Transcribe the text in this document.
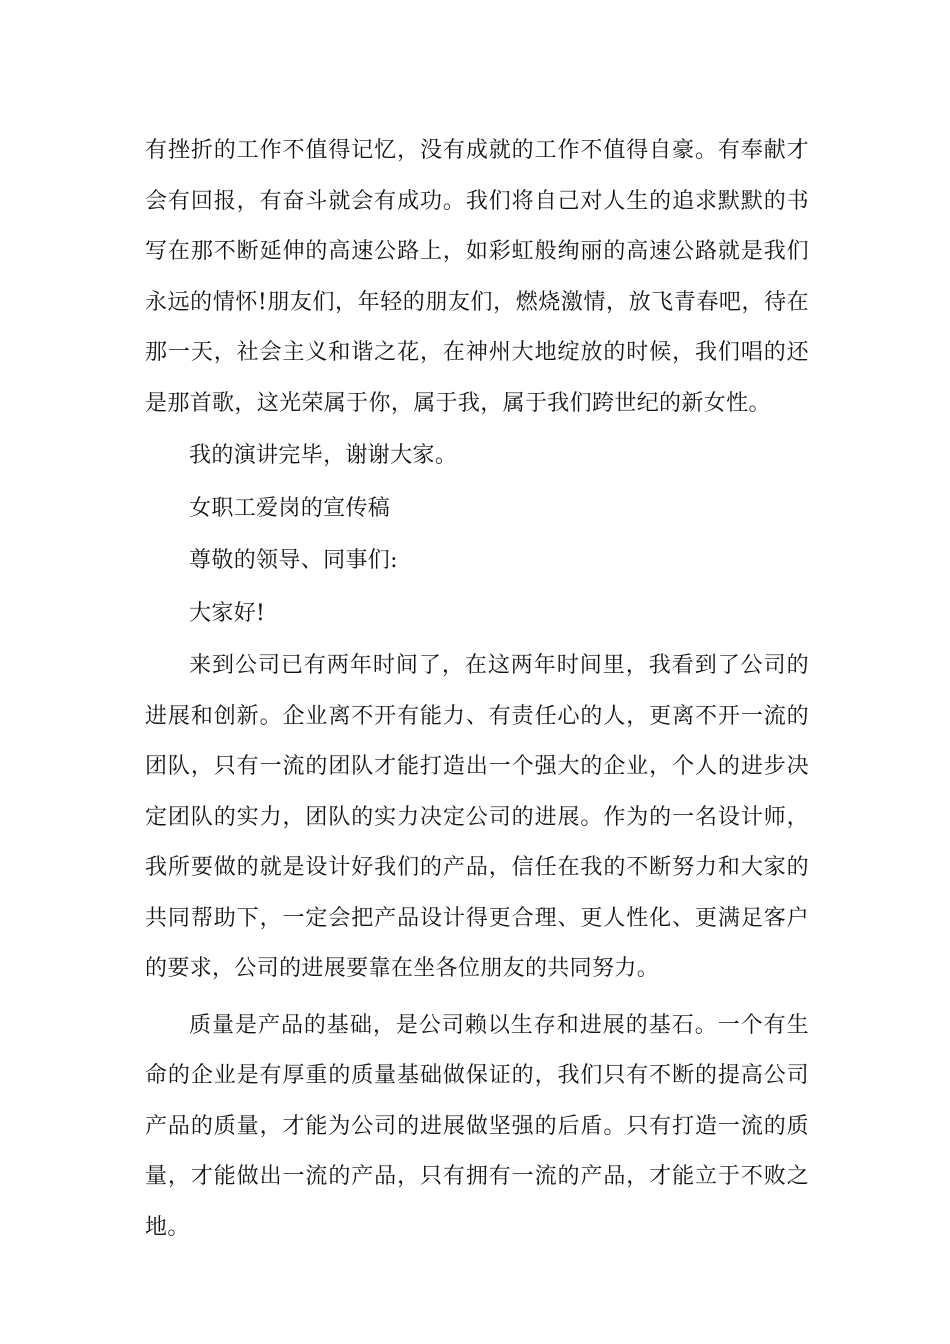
有挫折的工作不值得记忆，没有成就的工作不值得自豪。有奉献才会有回报，有奋斗就会有成功。我们将自己对人生的追求默默的书写在那不断延伸的高速公路上，如彩虹般绚丽的高速公路就是我们永远的情怀!朋友们，年轻的朋友们，燃烧激情，放飞青春吧，待在那一天，社会主义和谐之花，在神州大地绽放的时候，我们唱的还是那首歌，这光荣属于你，属于我，属于我们跨世纪的新女性。

我的演讲完毕，谢谢大家。

女职工爱岗的宣传稿

尊敬的领导、同事们:

大家好!

来到公司已有两年时间了，在这两年时间里，我看到了公司的进展和创新。企业离不开有能力、有责任心的人，更离不开一流的团队，只有一流的团队才能打造出一个强大的企业，个人的进步决定团队的实力，团队的实力决定公司的进展。作为的一名设计师，我所要做的就是设计好我们的产品，信任在我的不断努力和大家的共同帮助下，一定会把产品设计得更合理、更人性化、更满足客户的要求，公司的进展要靠在坐各位朋友的共同努力。

质量是产品的基础，是公司赖以生存和进展的基石。一个有生命的企业是有厚重的质量基础做保证的，我们只有不断的提高公司产品的质量，才能为公司的进展做坚强的后盾。只有打造一流的质量，才能做出一流的产品，只有拥有一流的产品，才能立于不败之地。
